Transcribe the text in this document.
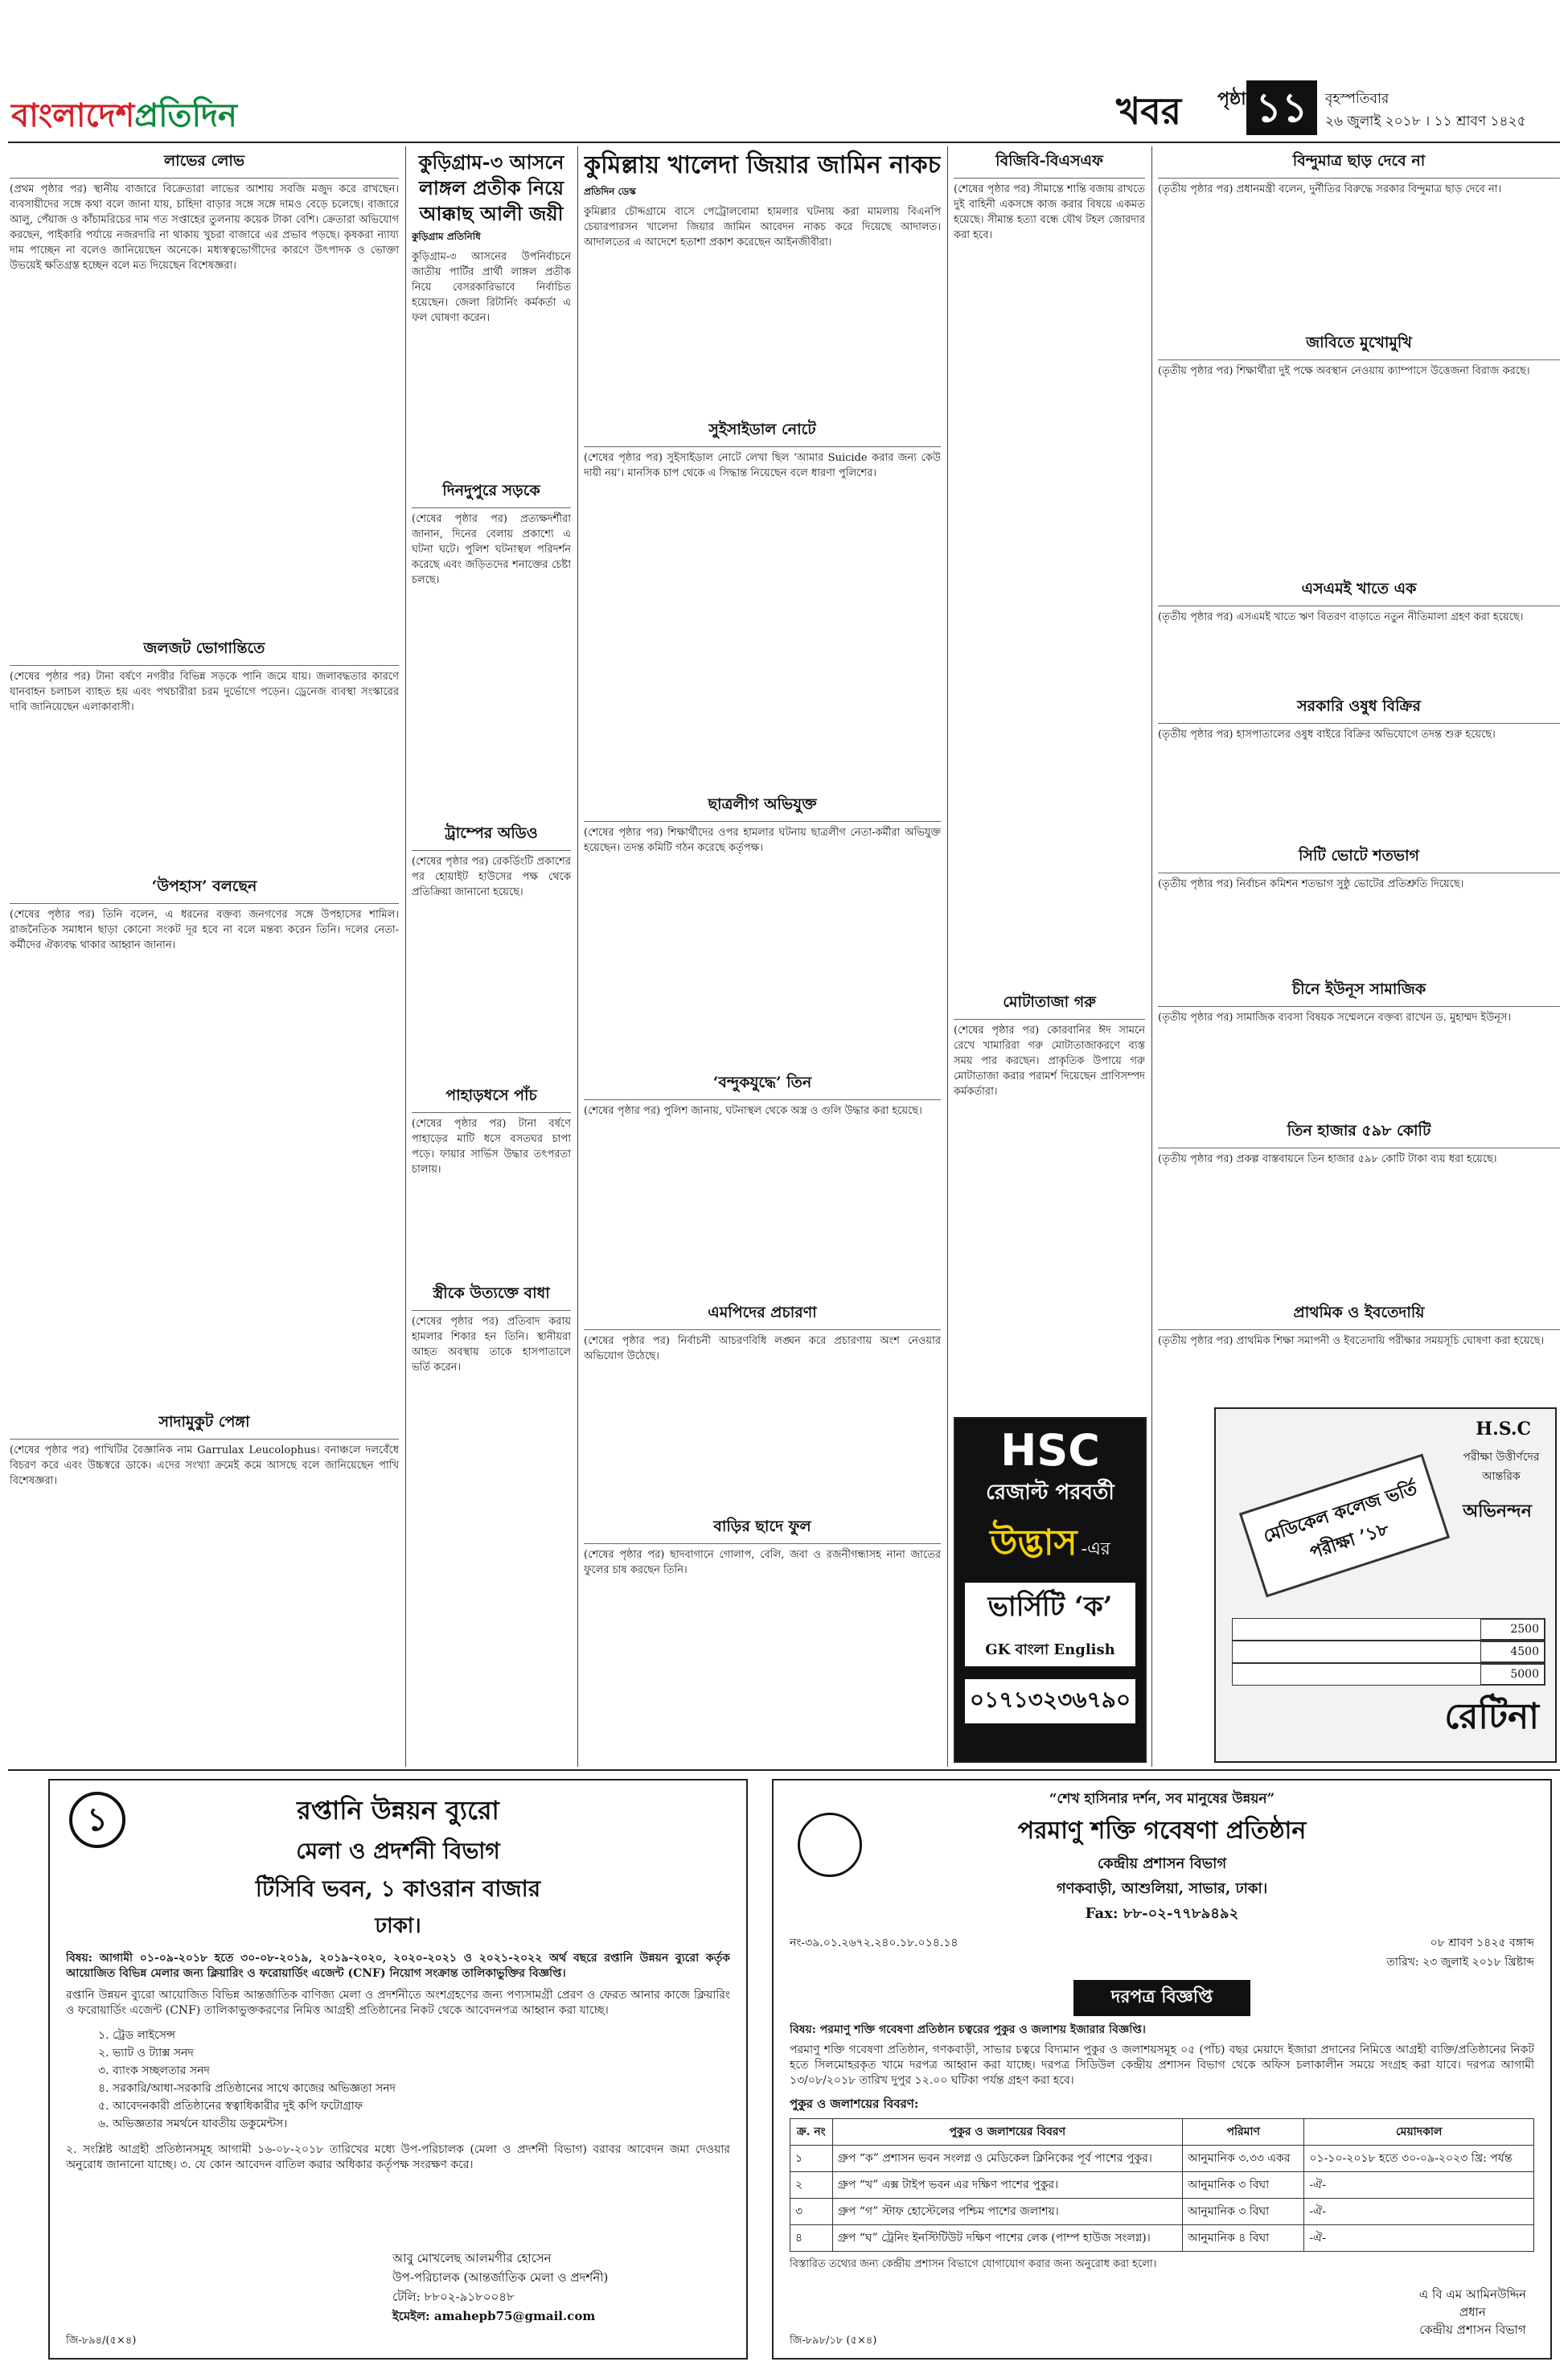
বাংলাদেশপ্রতিদিন	খবর পৃষ্ঠা ১১	বৃহস্পতিবার
২৬ জুলাই ২০১৮ । ১১ শ্রাবণ ১৪২৫
লাভের লোভ
(প্রথম পৃষ্ঠার পর) স্থানীয় বাজারে বিক্রেতারা লাভের আশায় সবজি মজুদ করে রাখছেন। ব্যবসায়ীদের সঙ্গে কথা বলে জানা যায়, চাহিদা বাড়ার সঙ্গে সঙ্গে দামও বেড়ে চলেছে। বাজারে আলু, পেঁয়াজ ও কাঁচামরিচের দাম গত সপ্তাহের তুলনায় কয়েক টাকা বেশি। ক্রেতারা অভিযোগ করছেন, পাইকারি পর্যায়ে নজরদারি না থাকায় খুচরা বাজারে এর প্রভাব পড়ছে। কৃষকরা ন্যায্য দাম পাচ্ছেন না বলেও জানিয়েছেন অনেকে। মধ্যস্বত্বভোগীদের কারণে উৎপাদক ও ভোক্তা উভয়েই ক্ষতিগ্রস্ত হচ্ছেন বলে মত দিয়েছেন বিশেষজ্ঞরা।
জলজট ভোগান্তিতে
(শেষের পৃষ্ঠার পর) টানা বর্ষণে নগরীর বিভিন্ন সড়কে পানি জমে যায়। জলাবদ্ধতার কারণে যানবাহন চলাচল ব্যাহত হয় এবং পথচারীরা চরম দুর্ভোগে পড়েন। ড্রেনেজ ব্যবস্থা সংস্কারের দাবি জানিয়েছেন এলাকাবাসী।
‘উপহাস’ বলছেন
(শেষের পৃষ্ঠার পর) তিনি বলেন, এ ধরনের বক্তব্য জনগণের সঙ্গে উপহাসের শামিল। রাজনৈতিক সমাধান ছাড়া কোনো সংকট দূর হবে না বলে মন্তব্য করেন তিনি। দলের নেতা-কর্মীদের ঐক্যবদ্ধ থাকার আহ্বান জানান।
সাদামুকুট পেঙ্গা
(শেষের পৃষ্ঠার পর) পাখিটির বৈজ্ঞানিক নাম Garrulax Leucolophus। বনাঞ্চলে দলবেঁধে বিচরণ করে এবং উচ্চস্বরে ডাকে। এদের সংখ্যা ক্রমেই কমে আসছে বলে জানিয়েছেন পাখি বিশেষজ্ঞরা।
কুড়িগ্রাম-৩ আসনে লাঙ্গল প্রতীক নিয়ে আক্কাছ আলী জয়ী
কুড়িগ্রাম প্রতিনিধি
কুড়িগ্রাম-৩ আসনের উপনির্বাচনে জাতীয় পার্টির প্রার্থী লাঙ্গল প্রতীক নিয়ে বেসরকারিভাবে নির্বাচিত হয়েছেন। জেলা রিটার্নিং কর্মকর্তা এ ফল ঘোষণা করেন।
দিনদুপুরে সড়কে
(শেষের পৃষ্ঠার পর) প্রত্যক্ষদর্শীরা জানান, দিনের বেলায় প্রকাশ্যে এ ঘটনা ঘটে। পুলিশ ঘটনাস্থল পরিদর্শন করেছে এবং জড়িতদের শনাক্তের চেষ্টা চলছে।
ট্রাম্পের অডিও
(শেষের পৃষ্ঠার পর) রেকর্ডিংটি প্রকাশের পর হোয়াইট হাউসের পক্ষ থেকে প্রতিক্রিয়া জানানো হয়েছে।
পাহাড়ধসে পাঁচ
(শেষের পৃষ্ঠার পর) টানা বর্ষণে পাহাড়ের মাটি ধসে বসতঘর চাপা পড়ে। ফায়ার সার্ভিস উদ্ধার তৎপরতা চালায়।
স্ত্রীকে উত্যক্তে বাধা
(শেষের পৃষ্ঠার পর) প্রতিবাদ করায় হামলার শিকার হন তিনি। স্থানীয়রা আহত অবস্থায় তাকে হাসপাতালে ভর্তি করেন।
কুমিল্লায় খালেদা জিয়ার জামিন নাকচ
প্রতিদিন ডেস্ক
কুমিল্লার চৌদ্দগ্রামে বাসে পেট্রোলবোমা হামলার ঘটনায় করা মামলায় বিএনপি চেয়ারপারসন খালেদা জিয়ার জামিন আবেদন নাকচ করে দিয়েছে আদালত। আদালতের এ আদেশে হতাশা প্রকাশ করেছেন আইনজীবীরা।
সুইসাইডাল নোটে
(শেষের পৃষ্ঠার পর) সুইসাইডাল নোটে লেখা ছিল ‘আমার Suicide করার জন্য কেউ দায়ী নয়’। মানসিক চাপ থেকে এ সিদ্ধান্ত নিয়েছেন বলে ধারণা পুলিশের।
ছাত্রলীগ অভিযুক্ত
(শেষের পৃষ্ঠার পর) শিক্ষার্থীদের ওপর হামলার ঘটনায় ছাত্রলীগ নেতা-কর্মীরা অভিযুক্ত হয়েছেন। তদন্ত কমিটি গঠন করেছে কর্তৃপক্ষ।
‘বন্দুকযুদ্ধে’ তিন
(শেষের পৃষ্ঠার পর) পুলিশ জানায়, ঘটনাস্থল থেকে অস্ত্র ও গুলি উদ্ধার করা হয়েছে।
এমপিদের প্রচারণা
(শেষের পৃষ্ঠার পর) নির্বাচনী আচরণবিধি লঙ্ঘন করে প্রচারণায় অংশ নেওয়ার অভিযোগ উঠেছে।
বাড়ির ছাদে ফুল
(শেষের পৃষ্ঠার পর) ছাদবাগানে গোলাপ, বেলি, জবা ও রজনীগন্ধাসহ নানা জাতের ফুলের চাষ করছেন তিনি।
বিজিবি-বিএসএফ
(শেষের পৃষ্ঠার পর) সীমান্তে শান্তি বজায় রাখতে দুই বাহিনী একসঙ্গে কাজ করার বিষয়ে একমত হয়েছে। সীমান্ত হত্যা বন্ধে যৌথ টহল জোরদার করা হবে।
মোটাতাজা গরু
(শেষের পৃষ্ঠার পর) কোরবানির ঈদ সামনে রেখে খামারিরা গরু মোটাতাজাকরণে ব্যস্ত সময় পার করছেন। প্রাকৃতিক উপায়ে গরু মোটাতাজা করার পরামর্শ দিয়েছেন প্রাণিসম্পদ কর্মকর্তারা।
HSC
রেজাল্ট পরবর্তী
উদ্ভাস -এর
ভার্সিটি ‘ক’
GK বাংলা English
০১৭১৩২৩৬৭৯০
বিন্দুমাত্র ছাড় দেবে না
(তৃতীয় পৃষ্ঠার পর) প্রধানমন্ত্রী বলেন, দুর্নীতির বিরুদ্ধে সরকার বিন্দুমাত্র ছাড় দেবে না।
জাবিতে মুখোমুখি
(তৃতীয় পৃষ্ঠার পর) শিক্ষার্থীরা দুই পক্ষে অবস্থান নেওয়ায় ক্যাম্পাসে উত্তেজনা বিরাজ করছে।
এসএমই খাতে এক
(তৃতীয় পৃষ্ঠার পর) এসএমই খাতে ঋণ বিতরণ বাড়াতে নতুন নীতিমালা গ্রহণ করা হয়েছে।
সরকারি ওষুধ বিক্রির
(তৃতীয় পৃষ্ঠার পর) হাসপাতালের ওষুধ বাইরে বিক্রির অভিযোগে তদন্ত শুরু হয়েছে।
সিটি ভোটে শতভাগ
(তৃতীয় পৃষ্ঠার পর) নির্বাচন কমিশন শতভাগ সুষ্ঠু ভোটের প্রতিশ্রুতি দিয়েছে।
চীনে ইউনূস সামাজিক
(তৃতীয় পৃষ্ঠার পর) সামাজিক ব্যবসা বিষয়ক সম্মেলনে বক্তব্য রাখেন ড. মুহাম্মদ ইউনূস।
তিন হাজার ৫৯৮ কোটি
(তৃতীয় পৃষ্ঠার পর) প্রকল্প বাস্তবায়নে তিন হাজার ৫৯৮ কোটি টাকা ব্যয় ধরা হয়েছে।
প্রাথমিক ও ইবতেদায়ি
(তৃতীয় পৃষ্ঠার পর) প্রাথমিক শিক্ষা সমাপনী ও ইবতেদায়ি পরীক্ষার সময়সূচি ঘোষণা করা হয়েছে।
H.S.C
পরীক্ষা উত্তীর্ণদের আন্তরিক
অভিনন্দন
মেডিকেল কলেজ ভর্তি পরীক্ষা ’১৮
2500
4500
5000
রেটিনা
১	রপ্তানি উন্নয়ন ব্যুরো
মেলা ও প্রদর্শনী বিভাগ
টিসিবি ভবন, ১ কাওরান বাজার
ঢাকা।
বিষয়: আগামী ০১-০৯-২০১৮ হতে ৩০-০৮-২০১৯, ২০১৯-২০২০, ২০২০-২০২১ ও ২০২১-২০২২ অর্থ বছরে রপ্তানি উন্নয়ন ব্যুরো কর্তৃক আয়োজিত বিভিন্ন মেলার জন্য ক্লিয়ারিং ও ফরোয়ার্ডিং এজেন্ট (CNF) নিয়োগ সংক্রান্ত তালিকাভুক্তির বিজ্ঞপ্তি।
রপ্তানি উন্নয়ন ব্যুরো আয়োজিত বিভিন্ন আন্তর্জাতিক বাণিজ্য মেলা ও প্রদর্শনীতে অংশগ্রহণের জন্য পণ্যসামগ্রী প্রেরণ ও ফেরত আনার কাজে ক্লিয়ারিং ও ফরোয়ার্ডিং এজেন্ট (CNF) তালিকাভুক্তকরণের নিমিত্ত আগ্রহী প্রতিষ্ঠানের নিকট থেকে আবেদনপত্র আহ্বান করা যাচ্ছে।
১. ট্রেড লাইসেন্স
২. ভ্যাট ও ট্যাক্স সনদ
৩. ব্যাংক সচ্ছলতার সনদ
৪. সরকারি/আধা-সরকারি প্রতিষ্ঠানের সাথে কাজের অভিজ্ঞতা সনদ
৫. আবেদনকারী প্রতিষ্ঠানের স্বত্বাধিকারীর দুই কপি ফটোগ্রাফ
৬. অভিজ্ঞতার সমর্থনে যাবতীয় ডকুমেন্টস।
২. সংশ্লিষ্ট আগ্রহী প্রতিষ্ঠানসমূহ আগামী ১৬-০৮-২০১৮ তারিখের মধ্যে উপ-পরিচালক (মেলা ও প্রদর্শনী বিভাগ) বরাবর আবেদন জমা দেওয়ার অনুরোধ জানানো যাচ্ছে। ৩. যে কোন আবেদন বাতিল করার অধিকার কর্তৃপক্ষ সংরক্ষণ করে।
আবু মোখলেছ আলমগীর হোসেন
উপ-পরিচালক (আন্তর্জাতিক মেলা ও প্রদর্শনী)
টেলি: ৮৮০২-৯১৮০০৪৮
ইমেইল: amahepb75@gmail.com
জি-৮৯৪/(৫×৪)
“শেখ হাসিনার দর্শন, সব মানুষের উন্নয়ন”
পরমাণু শক্তি গবেষণা প্রতিষ্ঠান
কেন্দ্রীয় প্রশাসন বিভাগ
গণকবাড়ী, আশুলিয়া, সাভার, ঢাকা।
Fax: ৮৮-০২-৭৭৮৯৪৯২
নং-৩৯.০১.২৬৭২.২৪০.১৮.০১৪.১৪	০৮ শ্রাবণ ১৪২৫ বঙ্গাব্দ
তারিখ: ২৩ জুলাই ২০১৮ খ্রিষ্টাব্দ
দরপত্র বিজ্ঞপ্তি
বিষয়: পরমাণু শক্তি গবেষণা প্রতিষ্ঠান চত্বরের পুকুর ও জলাশয় ইজারার বিজ্ঞপ্তি।
পরমাণু শক্তি গবেষণা প্রতিষ্ঠান, গণকবাড়ী, সাভার চত্বরে বিদ্যমান পুকুর ও জলাশয়সমূহ ০৫ (পাঁচ) বছর মেয়াদে ইজারা প্রদানের নিমিত্তে আগ্রহী ব্যক্তি/প্রতিষ্ঠানের নিকট হতে সিলমোহরকৃত খামে দরপত্র আহ্বান করা যাচ্ছে। দরপত্র সিডিউল কেন্দ্রীয় প্রশাসন বিভাগ থেকে অফিস চলাকালীন সময়ে সংগ্রহ করা যাবে। দরপত্র আগামী ১৩/০৮/২০১৮ তারিখ দুপুর ১২.০০ ঘটিকা পর্যন্ত গ্রহণ করা হবে।
পুকুর ও জলাশয়ের বিবরণ:
ক্র. নং	পুকুর ও জলাশয়ের বিবরণ	পরিমাণ	মেয়াদকাল
১	গ্রুপ “ক” প্রশাসন ভবন সংলগ্ন ও মেডিকেল ক্লিনিকের পূর্ব পাশের পুকুর।	আনুমানিক ৩.৩৩ একর	০১-১০-২০১৮ হতে ৩০-০৯-২০২৩ খ্রি: পর্যন্ত
২	গ্রুপ “খ” এক্স টাইপ ভবন এর দক্ষিণ পাশের পুকুর।	আনুমানিক ৩ বিঘা	-ঐ-
৩	গ্রুপ “গ” স্টাফ হোস্টেলের পশ্চিম পাশের জলাশয়।	আনুমানিক ৩ বিঘা	-ঐ-
৪	গ্রুপ “ঘ” ট্রেনিং ইনস্টিটিউট দক্ষিণ পাশের লেক (পাম্প হাউজ সংলগ্ন)।	আনুমানিক ৪ বিঘা	-ঐ-
বিস্তারিত তথ্যের জন্য কেন্দ্রীয় প্রশাসন বিভাগে যোগাযোগ করার জন্য অনুরোধ করা হলো।
এ বি এম আমিনউদ্দিন
প্রধান
কেন্দ্রীয় প্রশাসন বিভাগ
জি-৮৯৮/১৮ (৫×৪)
